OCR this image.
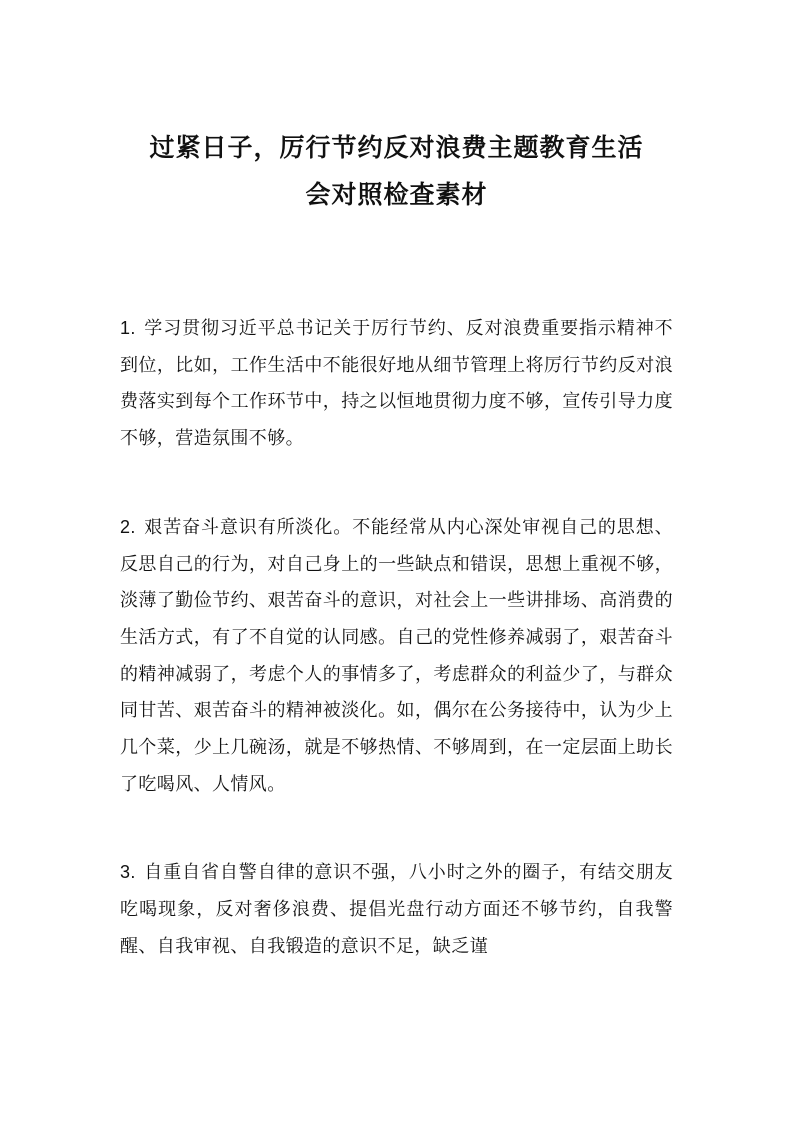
过紧日子，厉行节约反对浪费主题教育生活
会对照检查素材

1. 学习贯彻习近平总书记关于厉行节约、反对浪费重要指示精神不到位，比如，工作生活中不能很好地从细节管理上将厉行节约反对浪费落实到每个工作环节中，持之以恒地贯彻力度不够，宣传引导力度不够，营造氛围不够。

2. 艰苦奋斗意识有所淡化。不能经常从内心深处审视自己的思想、反思自己的行为，对自己身上的一些缺点和错误，思想上重视不够，淡薄了勤俭节约、艰苦奋斗的意识，对社会上一些讲排场、高消费的生活方式，有了不自觉的认同感。自己的党性修养减弱了，艰苦奋斗的精神减弱了，考虑个人的事情多了，考虑群众的利益少了，与群众同甘苦、艰苦奋斗的精神被淡化。如，偶尔在公务接待中，认为少上几个菜，少上几碗汤，就是不够热情、不够周到，在一定层面上助长了吃喝风、人情风。

3. 自重自省自警自律的意识不强，八小时之外的圈子，有结交朋友吃喝现象，反对奢侈浪费、提倡光盘行动方面还不够节约，自我警醒、自我审视、自我锻造的意识不足，缺乏谨
